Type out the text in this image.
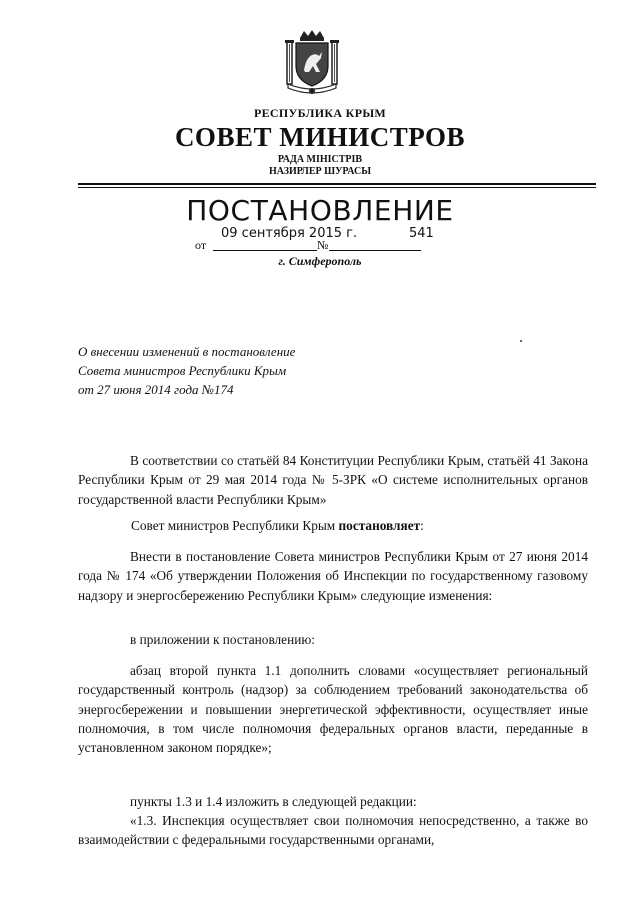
РЕСПУБЛИКА КРЫМ
СОВЕТ МИНИСТРОВ
РАДА МІНІСТРІВ
НАЗИРЛЕР ШУРАСЫ
ПОСТАНОВЛЕНИЕ
от	№
09 сентября 2015 г.	541
г. Симферополь
О внесении изменений в постановление
Совета министров Республики Крым
от 27 июня 2014 года №174
В соответствии со статьёй 84 Конституции Республики Крым, статьёй 41 Закона Республики Крым от 29 мая 2014 года № 5-ЗРК «О системе исполнительных органов государственной власти Республики Крым»
Совет министров Республики Крым постановляет:
Внести в постановление Совета министров Республики Крым от 27 июня 2014 года № 174 «Об утверждении Положения об Инспекции по государственному газовому надзору и энергосбережению Республики Крым» следующие изменения:
в приложении к постановлению:
абзац второй пункта 1.1 дополнить словами «осуществляет региональный государственный контроль (надзор) за соблюдением требований законодательства об энергосбережении и повышении энергетической эффективности, осуществляет иные полномочия, в том числе полномочия федеральных органов власти, переданные в установленном законом порядке»;
пункты 1.3 и 1.4 изложить в следующей редакции:
«1.3. Инспекция осуществляет свои полномочия непосредственно, а также во взаимодействии с федеральными государственными органами,
